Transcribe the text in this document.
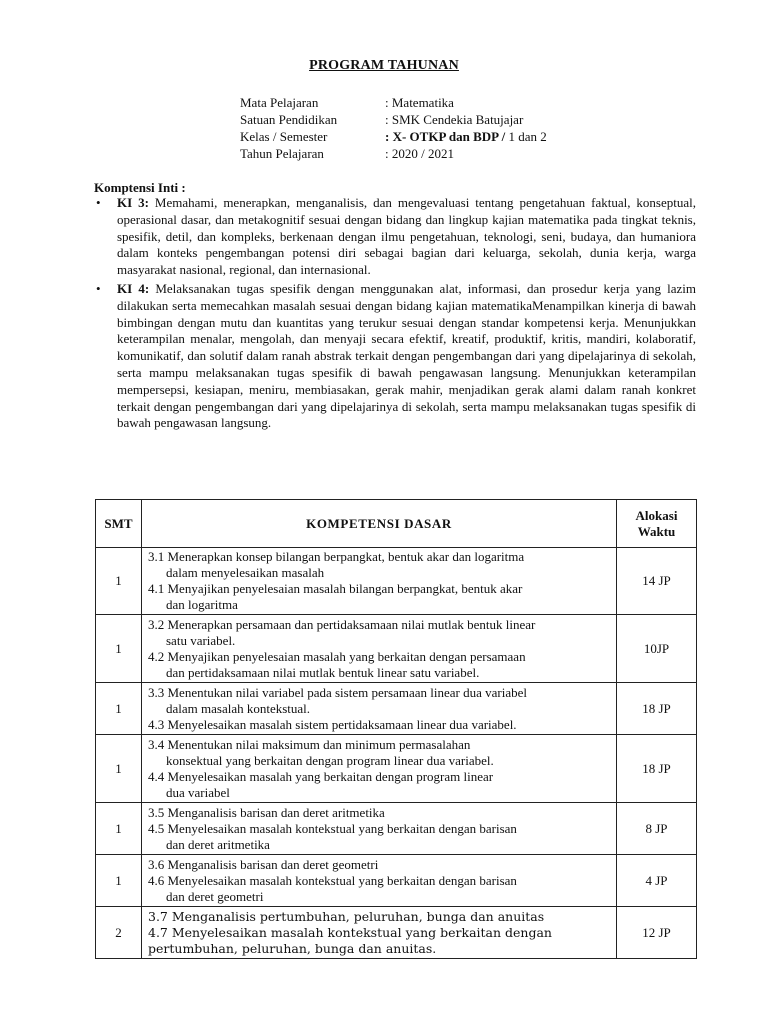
PROGRAM TAHUNAN
Mata Pelajaran	: Matematika
Satuan Pendidikan	: SMK Cendekia Batujajar
Kelas / Semester	: X- OTKP dan BDP / 1 dan 2
Tahun Pelajaran	: 2020 / 2021
Komptensi Inti :
• KI 3: Memahami, menerapkan, menganalisis, dan mengevaluasi tentang pengetahuan faktual, konseptual, operasional dasar, dan metakognitif sesuai dengan bidang dan lingkup kajian matematika pada tingkat teknis, spesifik, detil, dan kompleks, berkenaan dengan ilmu pengetahuan, teknologi, seni, budaya, dan humaniora dalam konteks pengembangan potensi diri sebagai bagian dari keluarga, sekolah, dunia kerja, warga masyarakat nasional, regional, dan internasional.
• KI 4: Melaksanakan tugas spesifik dengan menggunakan alat, informasi, dan prosedur kerja yang lazim dilakukan serta memecahkan masalah sesuai dengan bidang kajian matematikaMenampilkan kinerja di bawah bimbingan dengan mutu dan kuantitas yang terukur sesuai dengan standar kompetensi kerja. Menunjukkan keterampilan menalar, mengolah, dan menyaji secara efektif, kreatif, produktif, kritis, mandiri, kolaboratif, komunikatif, dan solutif dalam ranah abstrak terkait dengan pengembangan dari yang dipelajarinya di sekolah, serta mampu melaksanakan tugas spesifik di bawah pengawasan langsung. Menunjukkan keterampilan mempersepsi, kesiapan, meniru, membiasakan, gerak mahir, menjadikan gerak alami dalam ranah konkret terkait dengan pengembangan dari yang dipelajarinya di sekolah, serta mampu melaksanakan tugas spesifik di bawah pengawasan langsung.
SMT	KOMPETENSI DASAR	Alokasi
Waktu

1	3.1 Menerapkan konsep bilangan berpangkat, bentuk akar dan logaritma
dalam menyelesaikan masalah
4.1 Menyajikan penyelesaian masalah bilangan berpangkat, bentuk akar
dan logaritma	14 JP
1	3.2 Menerapkan persamaan dan pertidaksamaan nilai mutlak bentuk linear
satu variabel.
4.2 Menyajikan penyelesaian masalah yang berkaitan dengan persamaan
dan pertidaksamaan nilai mutlak bentuk linear satu variabel.	10JP
1	3.3 Menentukan nilai variabel pada sistem persamaan linear dua variabel
dalam masalah kontekstual.
4.3 Menyelesaikan masalah sistem pertidaksamaan linear dua variabel.	18 JP
1	3.4 Menentukan nilai maksimum dan minimum permasalahan
konsektual yang berkaitan dengan program linear dua variabel.
4.4 Menyelesaikan masalah yang berkaitan dengan program linear
dua variabel	18 JP
1	3.5 Menganalisis barisan dan deret aritmetika
4.5 Menyelesaikan masalah kontekstual yang berkaitan dengan barisan
dan deret aritmetika	8 JP
1	3.6 Menganalisis barisan dan deret geometri
4.6 Menyelesaikan masalah kontekstual yang berkaitan dengan barisan
dan deret geometri	4 JP
2	3.7 Menganalisis pertumbuhan, peluruhan, bunga dan anuitas
4.7 Menyelesaikan masalah kontekstual yang berkaitan dengan
pertumbuhan, peluruhan, bunga dan anuitas.	12 JP
